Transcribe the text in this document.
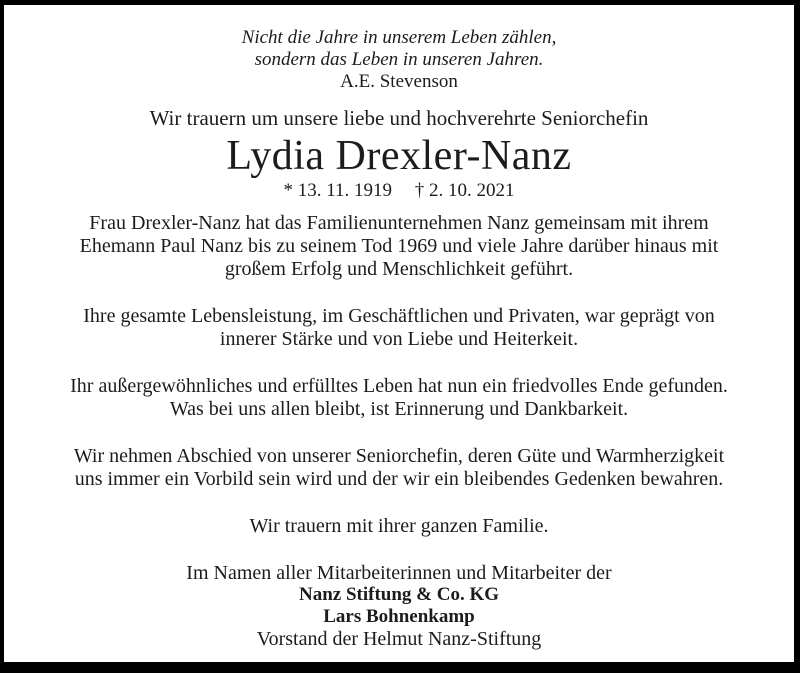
Nicht die Jahre in unserem Leben zählen,
sondern das Leben in unseren Jahren.
A.E. Stevenson
Wir trauern um unsere liebe und hochverehrte Seniorchefin
Lydia Drexler-Nanz
* 13. 11. 1919 † 2. 10. 2021

Frau Drexler-Nanz hat das Familienunternehmen Nanz gemeinsam mit ihrem
Ehemann Paul Nanz bis zu seinem Tod 1969 und viele Jahre darüber hinaus mit
großem Erfolg und Menschlichkeit geführt.

Ihre gesamte Lebensleistung, im Geschäftlichen und Privaten, war geprägt von
innerer Stärke und von Liebe und Heiterkeit.

Ihr außergewöhnliches und erfülltes Leben hat nun ein friedvolles Ende gefunden.
Was bei uns allen bleibt, ist Erinnerung und Dankbarkeit.

Wir nehmen Abschied von unserer Seniorchefin, deren Güte und Warmherzigkeit
uns immer ein Vorbild sein wird und der wir ein bleibendes Gedenken bewahren.

Wir trauern mit ihrer ganzen Familie.
Im Namen aller Mitarbeiterinnen und Mitarbeiter der
Nanz Stiftung & Co. KG
Lars Bohnenkamp
Vorstand der Helmut Nanz-Stiftung
